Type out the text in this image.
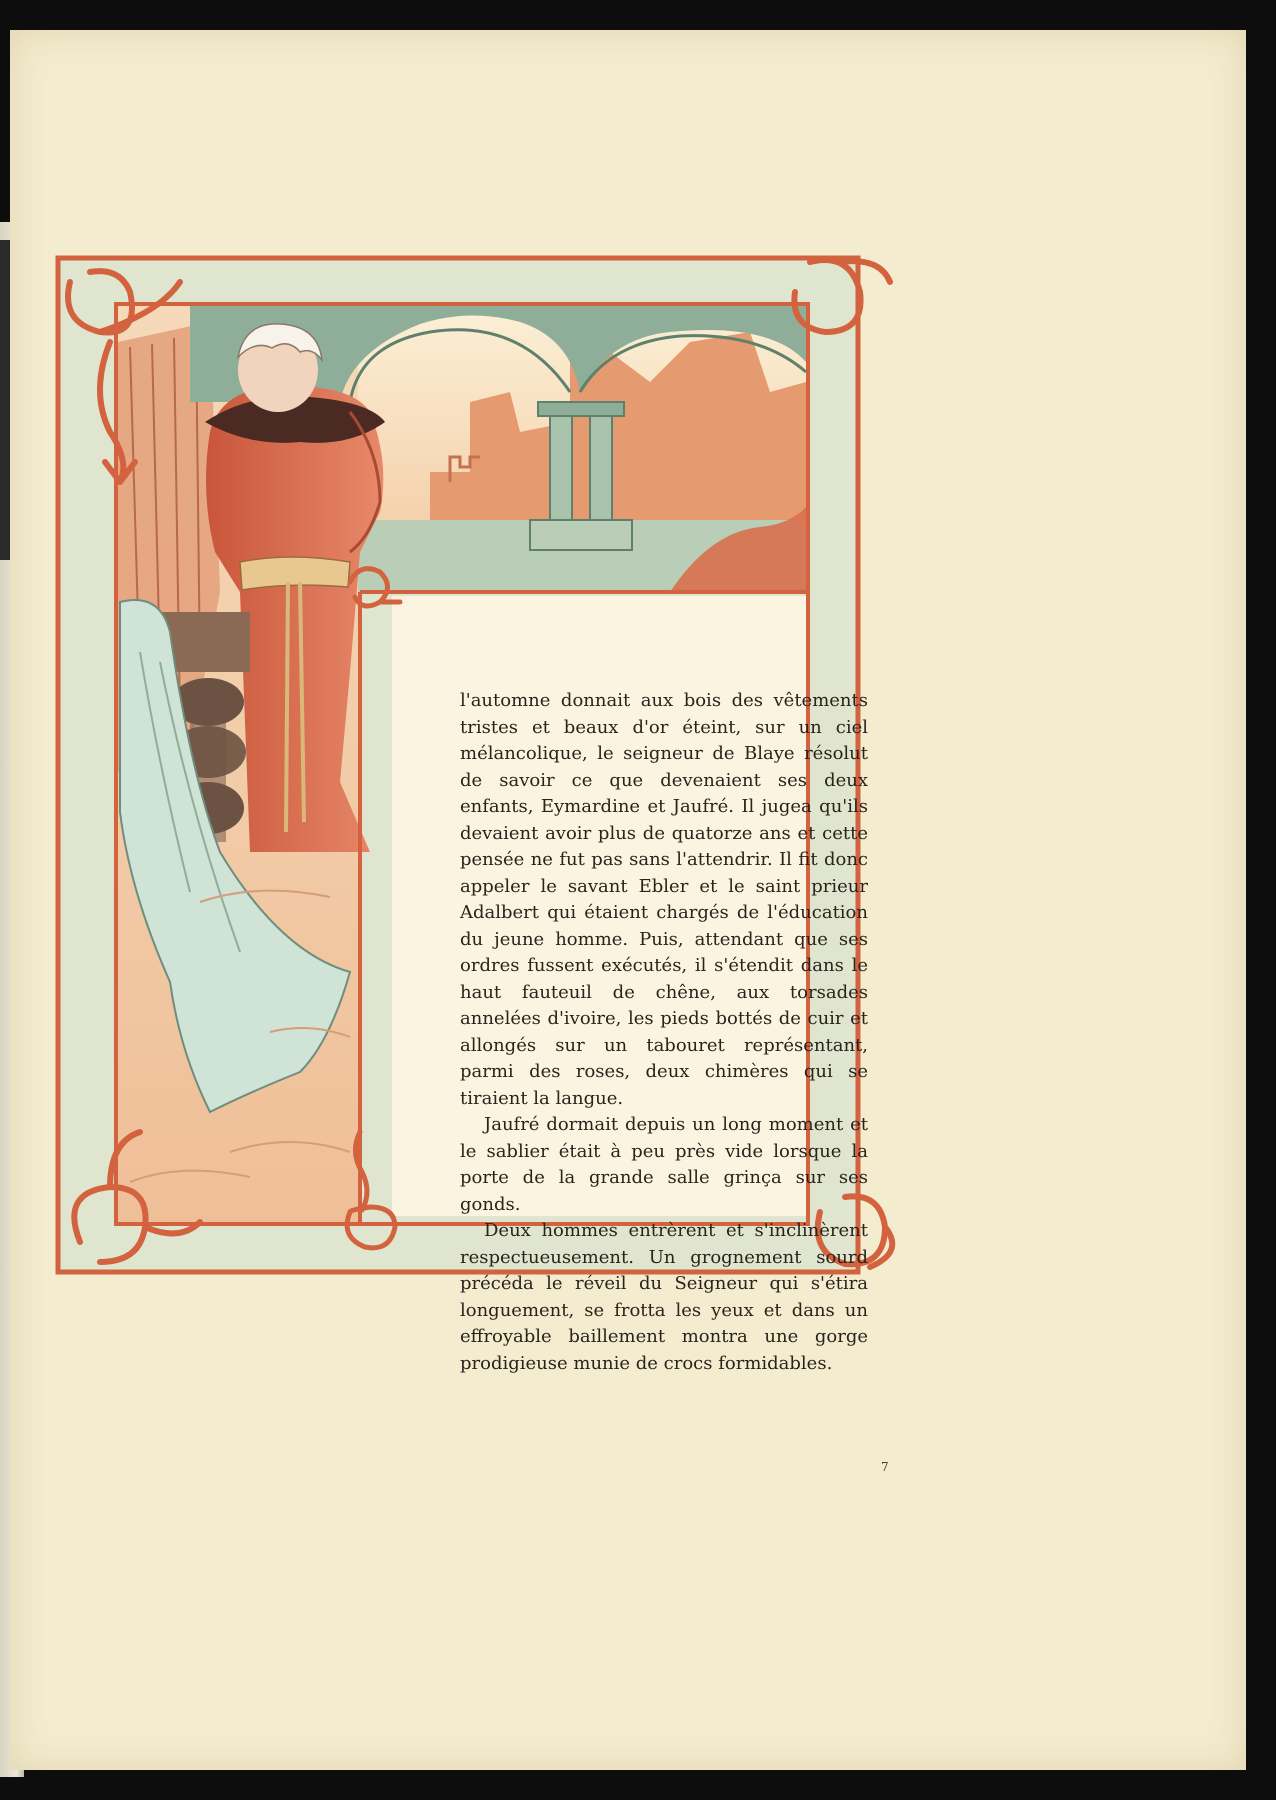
l'automne donnait aux bois des vêtements tristes et beaux d'or éteint, sur un ciel mélancolique, le seigneur de Blaye résolut de savoir ce que devenaient ses deux enfants, Eymardine et Jaufré. Il jugea qu'ils devaient avoir plus de quatorze ans et cette pensée ne fut pas sans l'attendrir. Il fit donc appeler le savant Ebler et le saint prieur Adalbert qui étaient chargés de l'éducation du jeune homme. Puis, attendant que ses ordres fussent exécutés, il s'étendit dans le haut fauteuil de chêne, aux torsades annelées d'ivoire, les pieds bottés de cuir et allongés sur un tabouret représentant, parmi des roses, deux chimères qui se tiraient la langue.

Jaufré dormait depuis un long moment et le sablier était à peu près vide lorsque la porte de la grande salle grinça sur ses gonds.

Deux hommes entrèrent et s'inclinèrent respectueusement. Un grognement sourd précéda le réveil du Seigneur qui s'étira longuement, se frotta les yeux et dans un effroyable baillement montra une gorge prodigieuse munie de crocs formidables.

7
